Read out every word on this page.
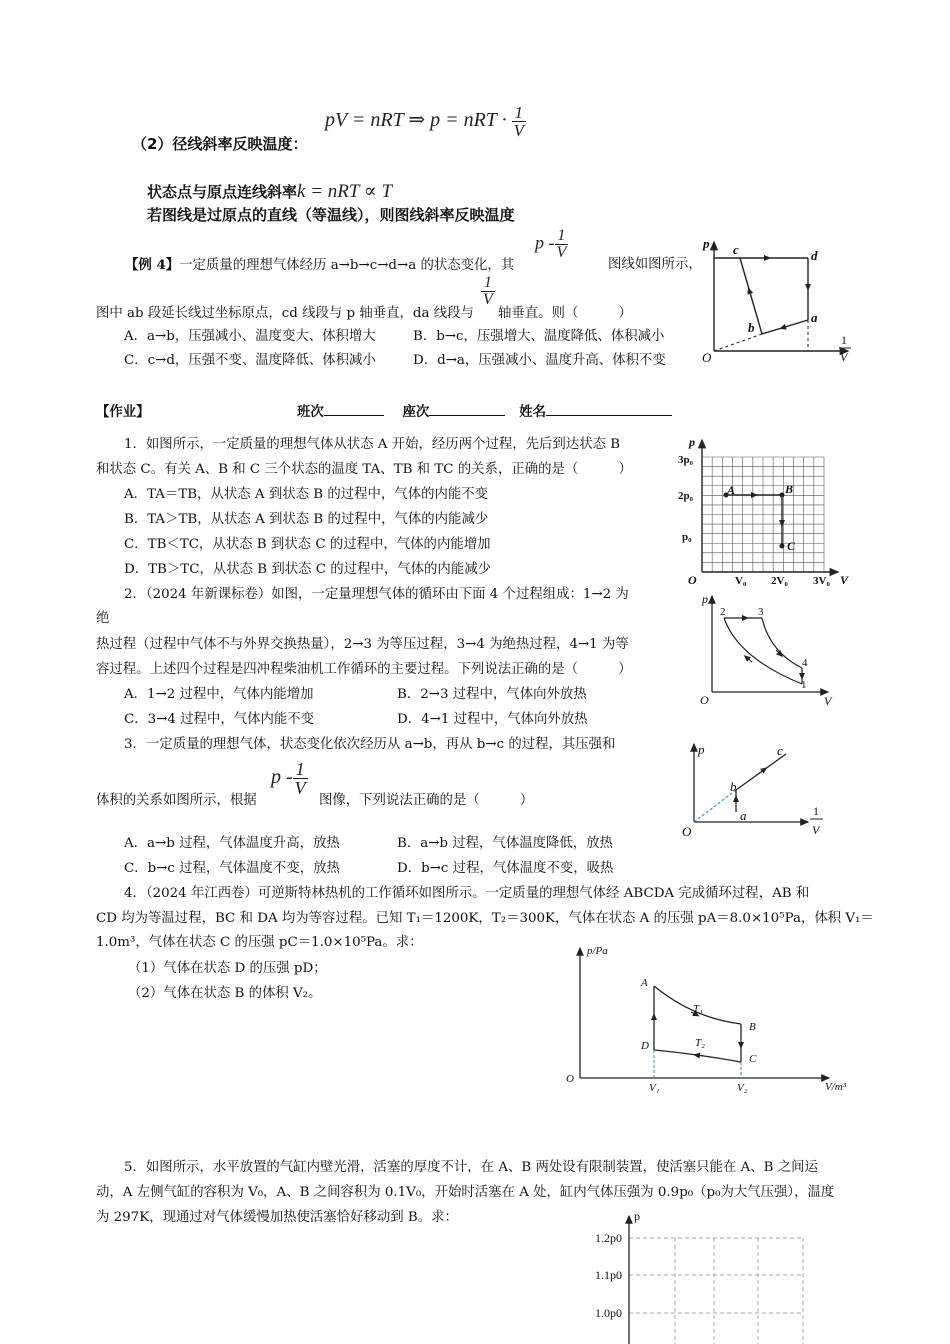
（2）径线斜率反映温度：
pV = nRT ⇒ p = nRT · $\frac{1}{V}$
状态点与原点连线斜率k = nRT ∝ T
若图线是过原点的直线（等温线），则图线斜率反映温度
【例 4】一定质量的理想气体经历 a→b→c→d→a 的状态变化，其
p - $\frac{1}{V}$
图线如图所示，
图中 ab 段延长线过坐标原点，cd 线段与 p 轴垂直，da 线段与
$\frac{1}{V}$
轴垂直。则（　　　）
A．a→b，压强减小、温度变大、体积增大	B．b→c，压强增大、温度降低、体积减小
C．c→d，压强不变、温度降低、体积减小	D．d→a，压强减小、温度升高、体积不变
p c	d
a
b
O
1
V
【作业】	班次	座次	姓名
1．如图所示，一定质量的理想气体从状态 A 开始，经历两个过程，先后到达状态 B
和状态 C。有关 A、B 和 C 三个状态的温度 TA、TB 和 TC 的关系，正确的是（　　　）
A．TA＝TB，从状态 A 到状态 B 的过程中，气体的内能不变
B．TA＞TB，从状态 A 到状态 B 的过程中，气体的内能减少
C．TB＜TC，从状态 B 到状态 C 的过程中，气体的内能增加
D．TB＞TC，从状态 B 到状态 C 的过程中，气体的内能减少
p
3p₀
2p₀
p₀
O	V₀ 2V₀ 3V₀ V
A	B
C
2．（2024 年新课标卷）如图，一定量理想气体的循环由下面 4 个过程组成：1→2 为
绝
热过程（过程中气体不与外界交换热量），2→3 为等压过程，3→4 为绝热过程，4→1 为等
容过程。上述四个过程是四冲程柴油机工作循环的主要过程。下列说法正确的是（　　　）
A．1→2 过程中，气体内能增加	B．2→3 过程中，气体向外放热
C．3→4 过程中，气体内能不变	D．4→1 过程中，气体向外放热
p
2	3
4
1
O	V
3．一定质量的理想气体，状态变化依次经历从 a→b，再从 b→c 的过程，其压强和
体积的关系如图所示，根据
p - $\frac{1}{V}$
图像，下列说法正确的是（　　　）
A．a→b 过程，气体温度升高，放热	B．a→b 过程，气体温度降低，放热
C．b→c 过程，气体温度不变，放热	D．b→c 过程，气体温度不变，吸热
p
a
b
c
O
1
V
4．（2024 年江西卷）可逆斯特林热机的工作循环如图所示。一定质量的理想气体经 ABCDA 完成循环过程，AB 和
CD 均为等温过程，BC 和 DA 均为等容过程。已知 T₁＝1200K，T₂＝300K，气体在状态 A 的压强 pA＝8.0×10⁵Pa，体积 V₁＝
1.0m³，气体在状态 C 的压强 pC＝1.0×10⁵Pa。求：
（1）气体在状态 D 的压强 pD；
（2）气体在状态 B 的体积 V₂。
p/Pa
A
B
C
D
T₁
T₂
O
V₁	V₂	V/m³
5．如图所示，水平放置的气缸内壁光滑，活塞的厚度不计，在 A、B 两处设有限制装置，使活塞只能在 A、B 之间运
动，A 左侧气缸的容积为 V₀，A、B 之间容积为 0.1V₀，开始时活塞在 A 处，缸内气体压强为 0.9p₀（p₀为大气压强），温度
为 297K，现通过对气体缓慢加热使活塞恰好移动到 B。求：	p
1.2p0
1.1p0
1.0p0
